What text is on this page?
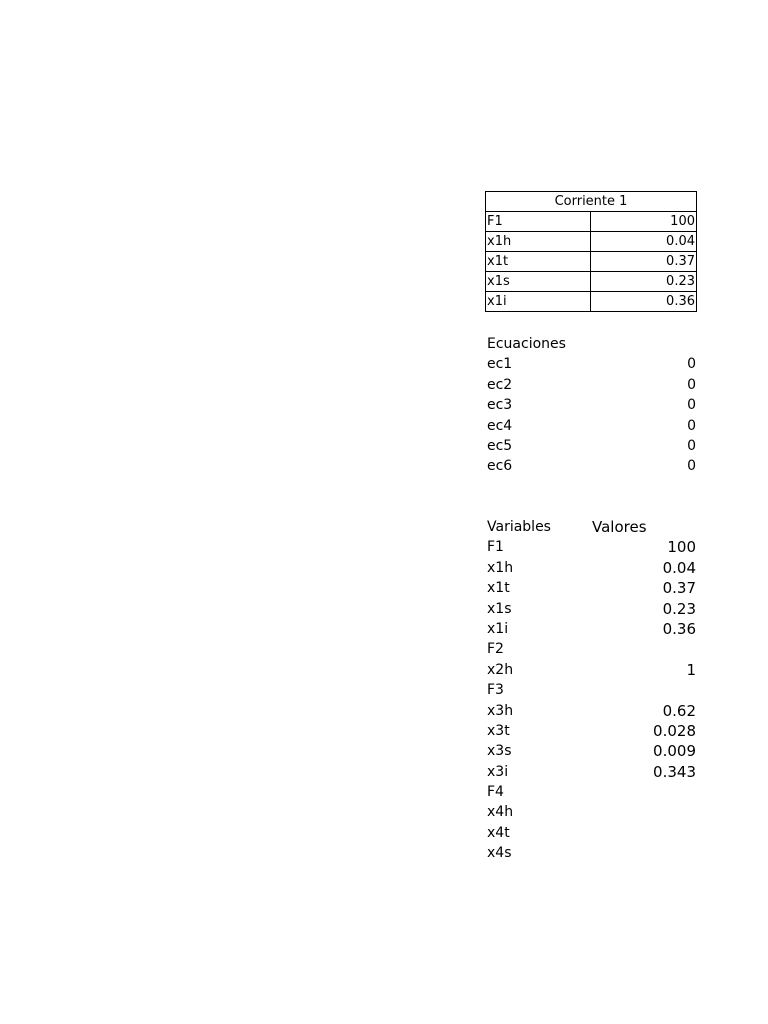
Corriente 1	
F1	100
x1h	0.04
x1t	0.37
x1s	0.23
x1i	0.36
Ecuaciones
ec1	0
ec2	0
ec3	0
ec4	0
ec5	0
ec6	0
Variables	Valores
F1	100
x1h	0.04
x1t	0.37
x1s	0.23
x1i	0.36
F2
x2h	1
F3
x3h	0.62
x3t	0.028
x3s	0.009
x3i	0.343
F4
x4h
x4t
x4s
